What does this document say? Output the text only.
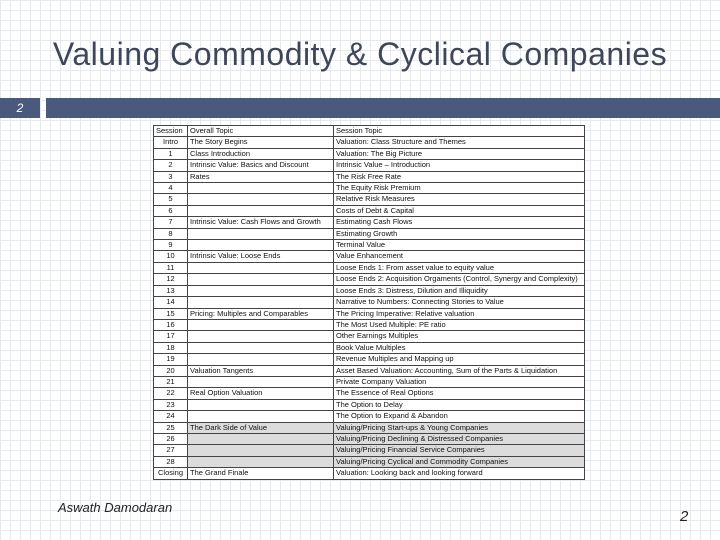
Valuing Commodity & Cyclical Companies
2
Session	Overall Topic	Session Topic
Intro	The Story Begins	Valuation: Class Structure and Themes
1	Class Introduction	Valuation: The Big Picture
2	Intrinsic Value: Basics and Discount	Intrinsic Value – Introduction
3	Rates	The Risk Free Rate
4		The Equity Risk Premium
5		Relative Risk Measures
6		Costs of Debt & Capital
7	Intrinsic Value: Cash Flows and Growth	Estimating Cash Flows
8		Estimating Growth
9		Terminal Value
10	Intrinsic Value: Loose Ends	Value Enhancement
11		Loose Ends 1: From asset value to equity value
12		Loose Ends 2: Acquisition Orgaments (Control, Synergy and Complexity)
13		Loose Ends 3: Distress, Dilution and Illiquidity
14		Narrative to Numbers: Connecting Stories to Value
15	Pricing: Multiples and Comparables	The Pricing Imperative: Relative valuation
16		The Most Used Multiple: PE ratio
17		Other Earnings Multiples
18		Book Value Multiples
19		Revenue Multiples and Mapping up
20	Valuation Tangents	Asset Based Valuation: Accounting, Sum of the Parts & Liquidation
21		Private Company Valuation
22	Real Option Valuation	The Essence of Real Options
23		The Option to Delay
24		The Option to Expand & Abandon
25	The Dark Side of Value	Valuing/Pricing Start-ups & Young Companies
26		Valuing/Pricing Declining & Distressed Companies
27		Valuing/Pricing Financial Service Companies
28		Valuing/Pricing Cyclical and Commodity Companies
Closing	The Grand Finale	Valuation: Looking back and looking forward
Aswath Damodaran
2
